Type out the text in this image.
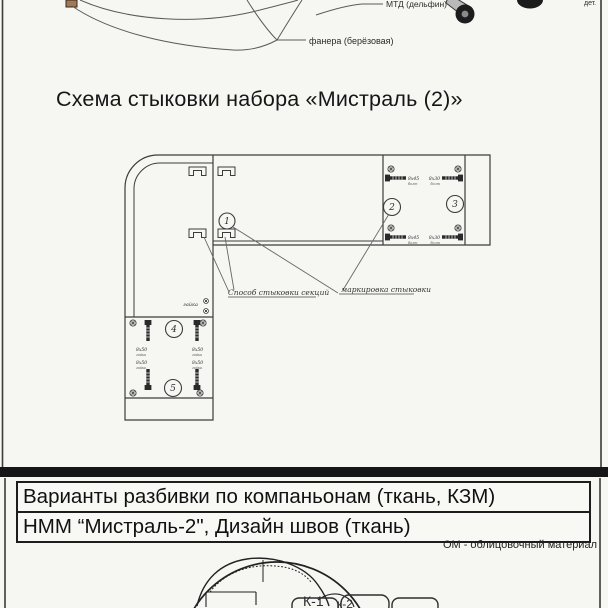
фанера (берёзовая)
МТД (дельфин)	дет.
1
2	3
4
5
8x45
болт
8x30
болт
8x45
болт
8x30
болт
8x50
гайка
8x50
гайка
8x50
гайка
8x50
гайка
гайка
Способ стыковки секций маркировка стыковки
К-1 к-2
Схема стыковки набора «Мистраль (2)»
Варианты разбивки по компаньонам (ткань, КЗМ)
НММ “Мистраль-2", Дизайн швов (ткань)
ОМ - облицовочный материал
